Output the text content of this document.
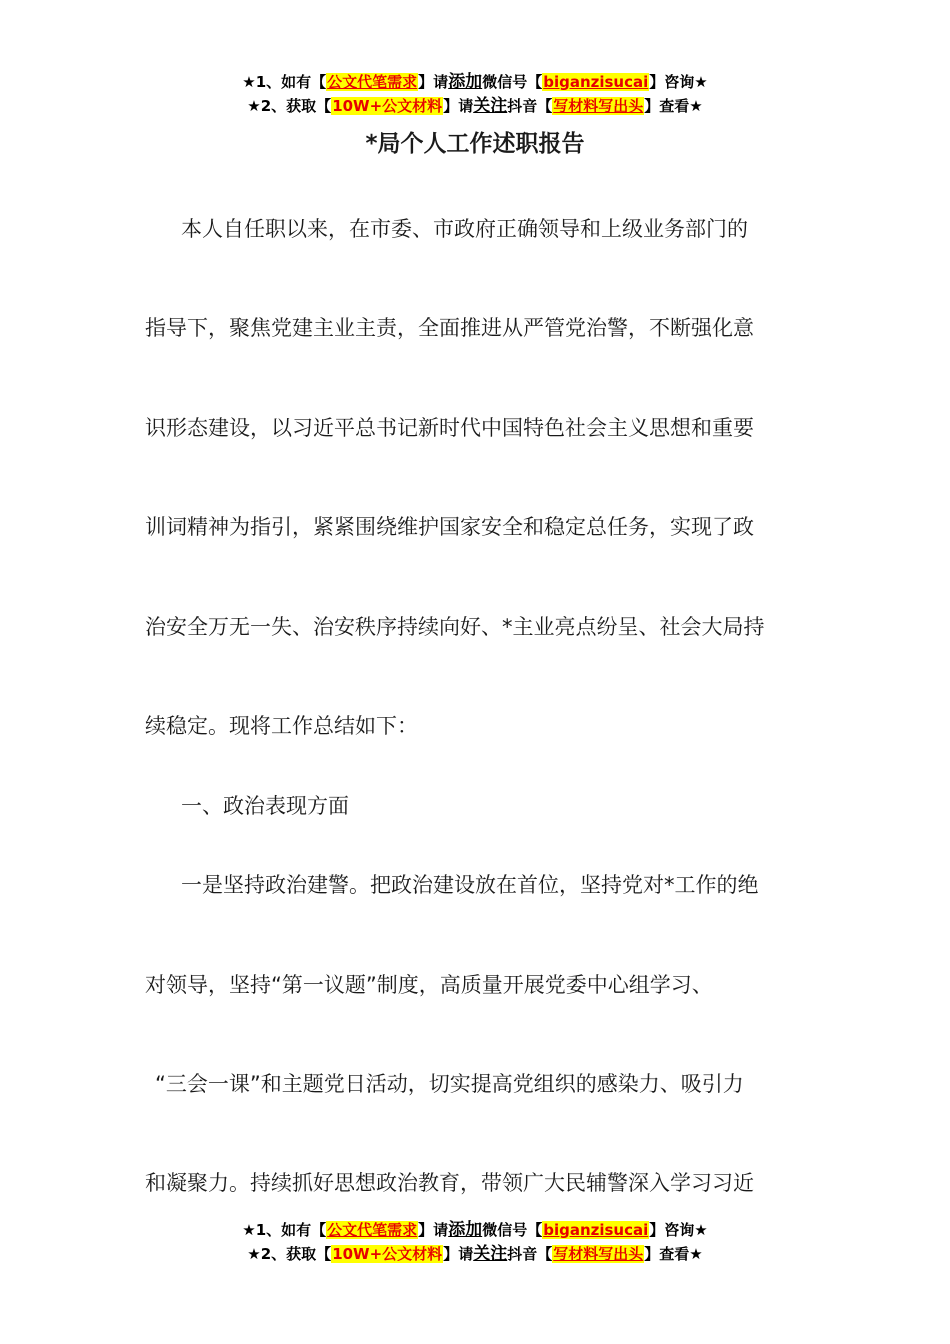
★1、如有【公文代笔需求】请添加微信号【biganzisucai】咨询★
★2、获取【10W+公文材料】请关注抖音【写材料写出头】查看★
*局个人工作述职报告
本人自任职以来，在市委、市政府正确领导和上级业务部门的
指导下，聚焦党建主业主责，全面推进从严管党治警，不断强化意
识形态建设，以习近平总书记新时代中国特色社会主义思想和重要
训词精神为指引，紧紧围绕维护国家安全和稳定总任务，实现了政
治安全万无一失、治安秩序持续向好、*主业亮点纷呈、社会大局持
续稳定。现将工作总结如下：
一、政治表现方面
一是坚持政治建警。把政治建设放在首位，坚持党对*工作的绝
对领导，坚持“第一议题”制度，高质量开展党委中心组学习、
“三会一课”和主题党日活动，切实提高党组织的感染力、吸引力
和凝聚力。持续抓好思想政治教育，带领广大民辅警深入学习习近
★1、如有【公文代笔需求】请添加微信号【biganzisucai】咨询★
★2、获取【10W+公文材料】请关注抖音【写材料写出头】查看★
